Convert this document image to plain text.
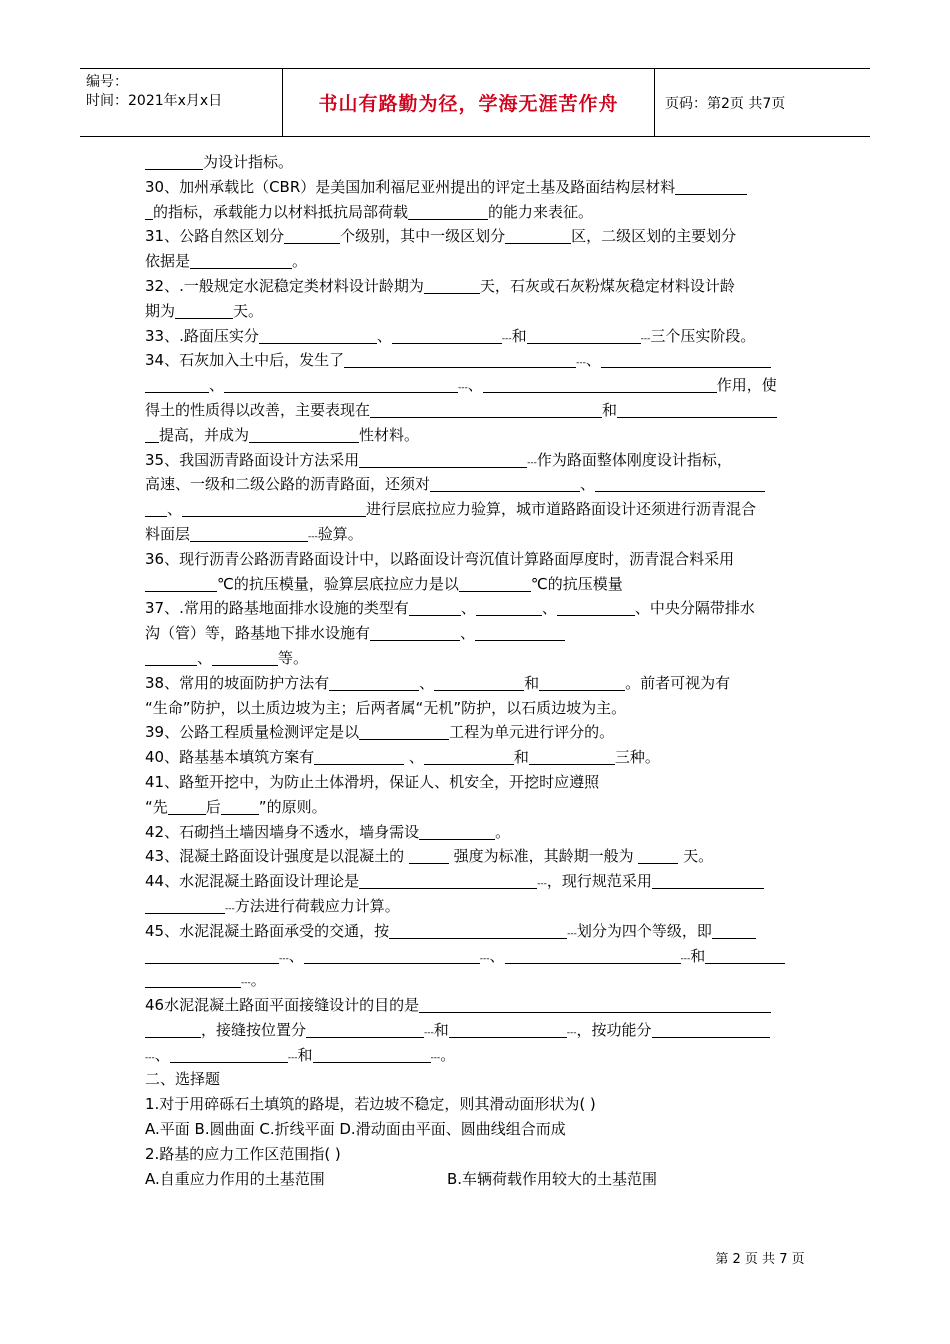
编号：
时间：2021年x月x日	书山有路勤为径，学海无涯苦作舟	页码：第2页 共7页
为设计指标。
30、加州承载比（CBR）是美国加利福尼亚州提出的评定土基及路面结构层材料
的指标，承载能力以材料抵抗局部荷载	的能力来表征。
31、公路自然区划分	个级别，其中一级区划分	区，二级区划的主要划分
依据是	。
32、.一般规定水泥稳定类材料设计龄期为	天，石灰或石灰粉煤灰稳定材料设计龄
期为	天。
33、.路面压实分	、	---和	---三个压实阶段。
34、石灰加入土中后，发生了	---、
、	---、	作用，使
得土的性质得以改善，主要表现在	和
提高，并成为	性材料。
35、我国沥青路面设计方法采用	---作为路面整体刚度设计指标，
高速、一级和二级公路的沥青路面，还须对	、
、	进行层底拉应力验算，城市道路路面设计还须进行沥青混合
料面层	---验算。
36、现行沥青公路沥青路面设计中，以路面设计弯沉值计算路面厚度时，沥青混合料采用
℃的抗压模量，验算层底拉应力是以	℃的抗压模量
37、.常用的路基地面排水设施的类型有	、	、	、中央分隔带排水
沟（管）等，路基地下排水设施有	、
、	等。
38、常用的坡面防护方法有	、	和	。前者可视为有
“生命”防护，以土质边坡为主；后两者属“无机”防护，以石质边坡为主。
39、公路工程质量检测评定是以	工程为单元进行评分的。
40、路基基本填筑方案有	、	和	三种。
41、路堑开挖中，为防止土体滑坍，保证人、机安全，开挖时应遵照
“先	后	”的原则。
42、石砌挡土墙因墙身不透水，墙身需设	。
43、混凝土路面设计强度是以混凝土的	强度为标准，其龄期一般为	天。
44、水泥混凝土路面设计理论是	---，现行规范采用
---方法进行荷载应力计算。
45、水泥混凝土路面承受的交通，按	---划分为四个等级，即
---、	---、	---和
---。
46水泥混凝土路面平面接缝设计的目的是
，接缝按位置分	---和	---，按功能分
---、	---和	---。
二、选择题
1.对于用碎砾石土填筑的路堤，若边坡不稳定，则其滑动面形状为( )
A.平面 B.圆曲面 C.折线平面 D.滑动面由平面、圆曲线组合而成
2.路基的应力工作区范围指( )
A.自重应力作用的土基范围	B.车辆荷载作用较大的土基范围
第 2 页 共 7 页
